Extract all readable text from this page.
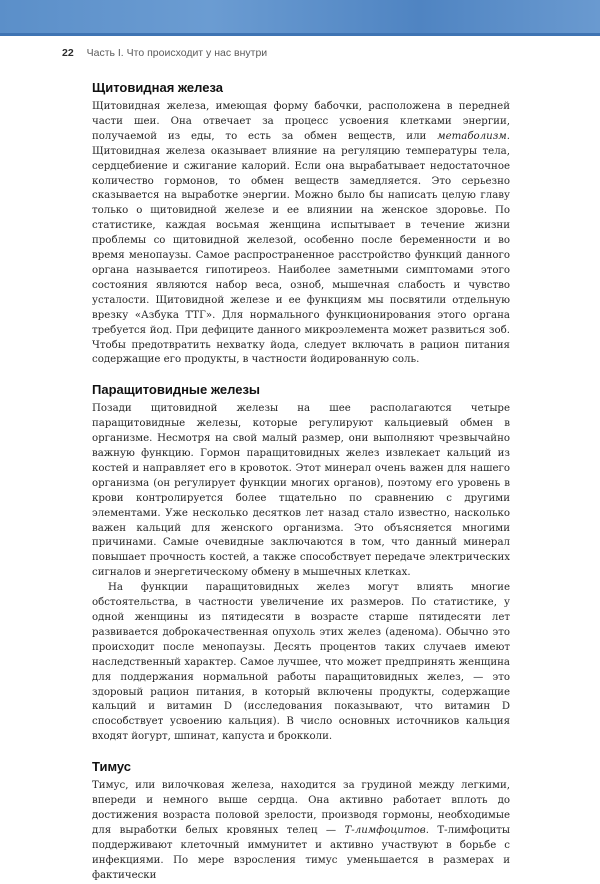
22 Часть I. Что происходит у нас внутри
Щитовидная железа

Щитовидная железа, имеющая форму бабочки, расположена в передней части шеи. Она отвечает за процесс усвоения клетками энергии, получаемой из еды, то есть за обмен веществ, или метаболизм. Щитовидная железа оказывает влияние на регуляцию температуры тела, сердцебиение и сжигание калорий. Если она вырабатывает недостаточное количество гормонов, то обмен веществ замедляется. Это серьезно сказывается на выработке энергии. Можно было бы написать целую главу только о щитовидной железе и ее влиянии на женское здоровье. По статистике, каждая восьмая женщина испытывает в течение жизни проблемы со щитовидной железой, особенно после беременности и во время менопаузы. Самое распространенное расстройство функций данного органа называется гипотиреоз. Наиболее заметными симптомами этого состояния являются набор веса, озноб, мышечная слабость и чувство усталости. Щитовидной железе и ее функциям мы посвятили отдельную врезку «Азбука ТТГ». Для нормального функционирования этого органа требуется йод. При дефиците данного микроэлемента может развиться зоб. Чтобы предотвратить нехватку йода, следует включать в рацион питания содержащие его продукты, в частности йодированную соль.

Паращитовидные железы

Позади щитовидной железы на шее располагаются четыре паращитовидные железы, которые регулируют кальциевый обмен в организме. Несмотря на свой малый размер, они выполняют чрезвычайно важную функцию. Гормон паращитовидных желез извлекает кальций из костей и направляет его в кровоток. Этот минерал очень важен для нашего организма (он регулирует функции многих органов), поэтому его уровень в крови контролируется более тщательно по сравнению с другими элементами. Уже несколько десятков лет назад стало известно, насколько важен кальций для женского организма. Это объясняется многими причинами. Самые очевидные заключаются в том, что данный минерал повышает прочность костей, а также способствует передаче электрических сигналов и энергетическому обмену в мышечных клетках.

На функции паращитовидных желез могут влиять многие обстоятельства, в частности увеличение их размеров. По статистике, у одной женщины из пятидесяти в возрасте старше пятидесяти лет развивается доброкачественная опухоль этих желез (аденома). Обычно это происходит после менопаузы. Десять процентов таких случаев имеют наследственный характер. Самое лучшее, что может предпринять женщина для поддержания нормальной работы паращитовидных желез, — это здоровый рацион питания, в который включены продукты, содержащие кальций и витамин D (исследования показывают, что витамин D способствует усвоению кальция). В число основных источников кальция входят йогурт, шпинат, капуста и брокколи.

Тимус

Тимус, или вилочковая железа, находится за грудиной между легкими, впереди и немного выше сердца. Она активно работает вплоть до достижения возраста половой зрелости, производя гормоны, необходимые для выработки белых кровяных телец — Т-лимфоцитов. Т-лимфоциты поддерживают клеточный иммунитет и активно участвуют в борьбе с инфекциями. По мере взросления тимус уменьшается в размерах и фактически
